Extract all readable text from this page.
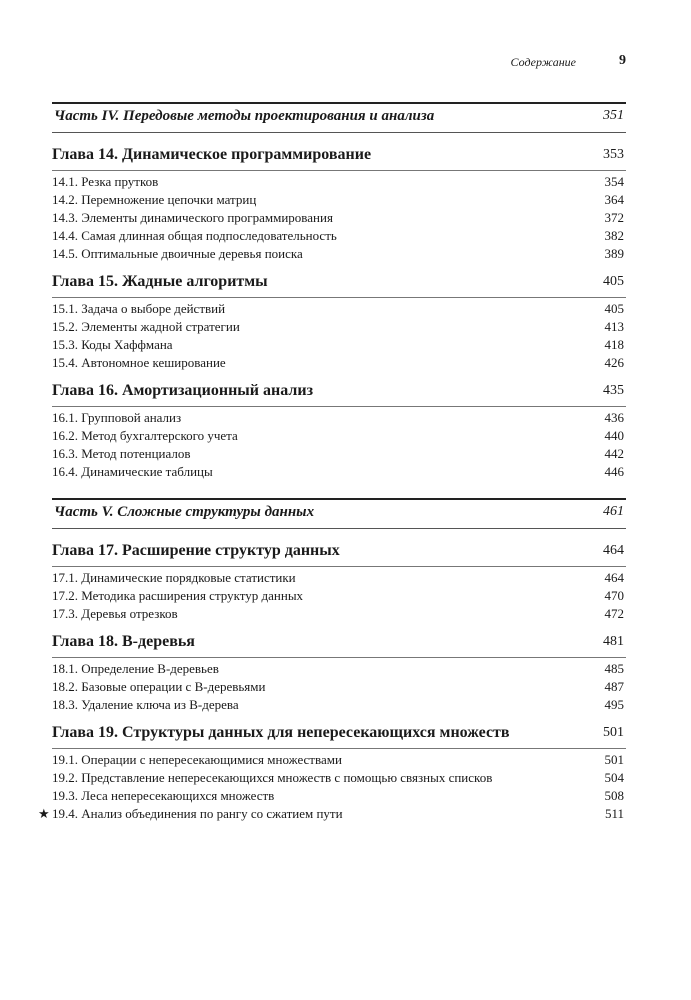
Содержание	9
Часть IV. Передовые методы проектирования и анализа	351
Глава 14. Динамическое программирование	353
14.1. Резка прутков	354
14.2. Перемножение цепочки матриц	364
14.3. Элементы динамического программирования	372
14.4. Самая длинная общая подпоследовательность	382
14.5. Оптимальные двоичные деревья поиска	389
Глава 15. Жадные алгоритмы	405
15.1. Задача о выборе действий	405
15.2. Элементы жадной стратегии	413
15.3. Коды Хаффмана	418
15.4. Автономное кеширование	426
Глава 16. Амортизационный анализ	435
16.1. Групповой анализ	436
16.2. Метод бухгалтерского учета	440
16.3. Метод потенциалов	442
16.4. Динамические таблицы	446
Часть V. Сложные структуры данных	461
Глава 17. Расширение структур данных	464
17.1. Динамические порядковые статистики	464
17.2. Методика расширения структур данных	470
17.3. Деревья отрезков	472
Глава 18. В-деревья	481
18.1. Определение В-деревьев	485
18.2. Базовые операции с В-деревьями	487
18.3. Удаление ключа из В-дерева	495
Глава 19. Структуры данных для непересекающихся множеств	501
19.1. Операции с непересекающимися множествами	501
19.2. Представление непересекающихся множеств с помощью связных списков	504
19.3. Леса непересекающихся множеств	508
★ 19.4. Анализ объединения по рангу со сжатием пути	511
